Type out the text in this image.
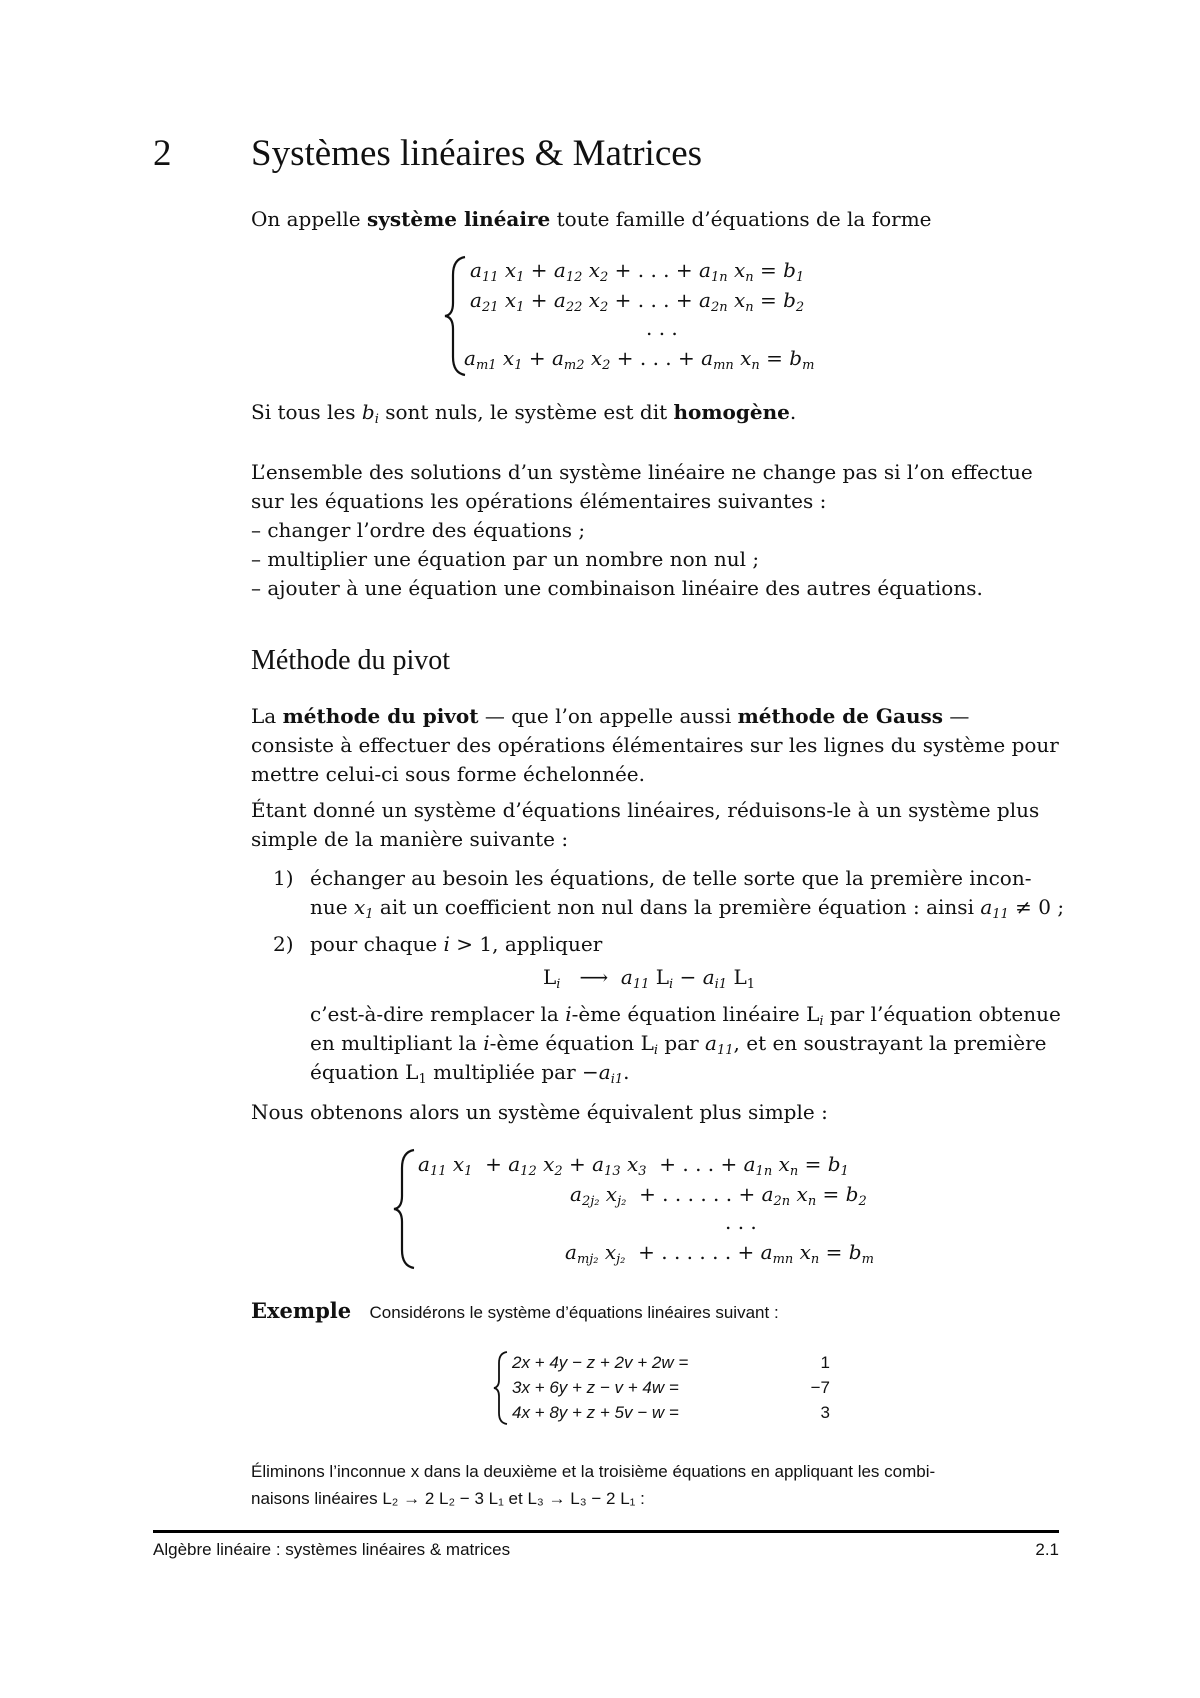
2 Systèmes linéaires & Matrices

On appelle système linéaire toute famille d’équations de la forme

$a_{11}$ $x_1 + a_{12}$ $x_2$ + . . . + $a_{1n}$ $x_n = b_1$
$a_{21}$ $x_1 + a_{22}$ $x_2$ + . . . + $a_{2n}$ $x_n = b_2$
. . .
$a_{m1}$ $x_1 + a_{m2}$ $x_2$ + . . . + $a_{mn}$ $x_n = b_m$

Si tous les $b_i$ sont nuls, le système est dit homogène.

L’ensemble des solutions d’un système linéaire ne change pas si l’on effectue

sur les équations les opérations élémentaires suivantes :

– changer l’ordre des équations ;

– multiplier une équation par un nombre non nul ;

– ajouter à une équation une combinaison linéaire des autres équations.

Méthode du pivot

La méthode du pivot — que l’on appelle aussi méthode de Gauss —

consiste à effectuer des opérations élémentaires sur les lignes du système pour

mettre celui-ci sous forme échelonnée.

Étant donné un système d’équations linéaires, réduisons-le à un système plus

simple de la manière suivante :

1) échanger au besoin les équations, de telle sorte que la première incon-

nue $x_1$ ait un coefficient non nul dans la première équation : ainsi $a_{11} \ne 0$ ;

2) pour chaque i > 1, appliquer

$L_i$ ⟶ $a_{11}$ $L_i - a_{i1}$ $L_1$

c’est-à-dire remplacer la i-ème équation linéaire $L_i$ par l’équation obtenue

en multipliant la i-ème équation $L_i$ par $a_{11}$, et en soustrayant la première

équation $L_1$ multipliée par $-a_{i1}$.

Nous obtenons alors un système équivalent plus simple :

$a_{11}$ $x_1 + a_{12}$ $x_2 + a_{13}$ $x_3$ + . . . + $a_{1n}$ $x_n = b_1$
$a_{2j_2}$ $x_{j_2}$ + . . . . . . + $a_{2n}$ $x_n = b_2$
. . .
$a_{mj_2}$ $x_{j_2}$ + . . . . . . + $a_{mn}$ $x_n = b_m$
Exemple Considérons le système d’équations linéaires suivant :
2x + 4y − z + 2v + 2w =	1
3x + 6y + z − v + 4w =	−7
4x + 8y + z + 5v − w =	3
Éliminons l’inconnue x dans la deuxième et la troisième équations en appliquant les combi-
naisons linéaires L₂ → 2 L₂ − 3 L₁ et L₃ → L₃ − 2 L₁ :
Algèbre linéaire : systèmes linéaires & matrices	2.1
